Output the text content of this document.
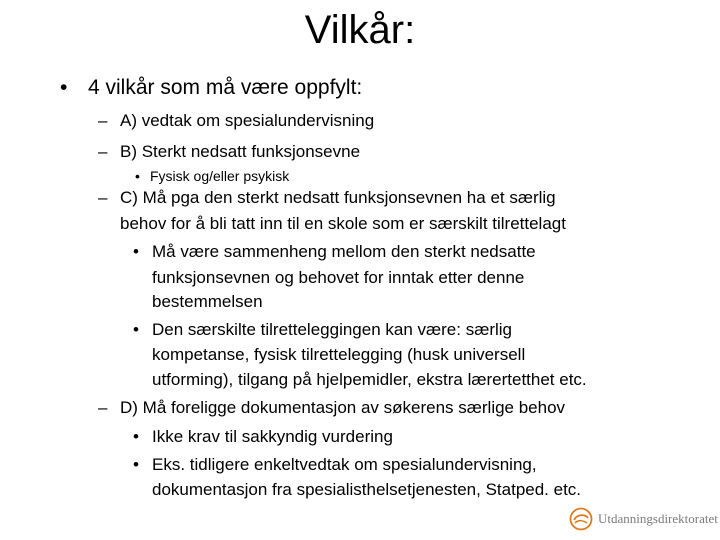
Vilkår:
• 4 vilkår som må være oppfylt:
– A) vedtak om spesialundervisning
– B) Sterkt nedsatt funksjonsevne
• Fysisk og/eller psykisk
– C) Må pga den sterkt nedsatt funksjonsevnen ha et særlig
behov for å bli tatt inn til en skole som er særskilt tilrettelagt
• Må være sammenheng mellom den sterkt nedsatte
funksjonsevnen og behovet for inntak etter denne
bestemmelsen
• Den særskilte tilretteleggingen kan være: særlig
kompetanse, fysisk tilrettelegging (husk universell
utforming), tilgang på hjelpemidler, ekstra lærertetthet etc.
– D) Må foreligge dokumentasjon av søkerens særlige behov
• Ikke krav til sakkyndig vurdering
• Eks. tidligere enkeltvedtak om spesialundervisning,
dokumentasjon fra spesialisthelsetjenesten, Statped. etc.
Utdanningsdirektoratet
